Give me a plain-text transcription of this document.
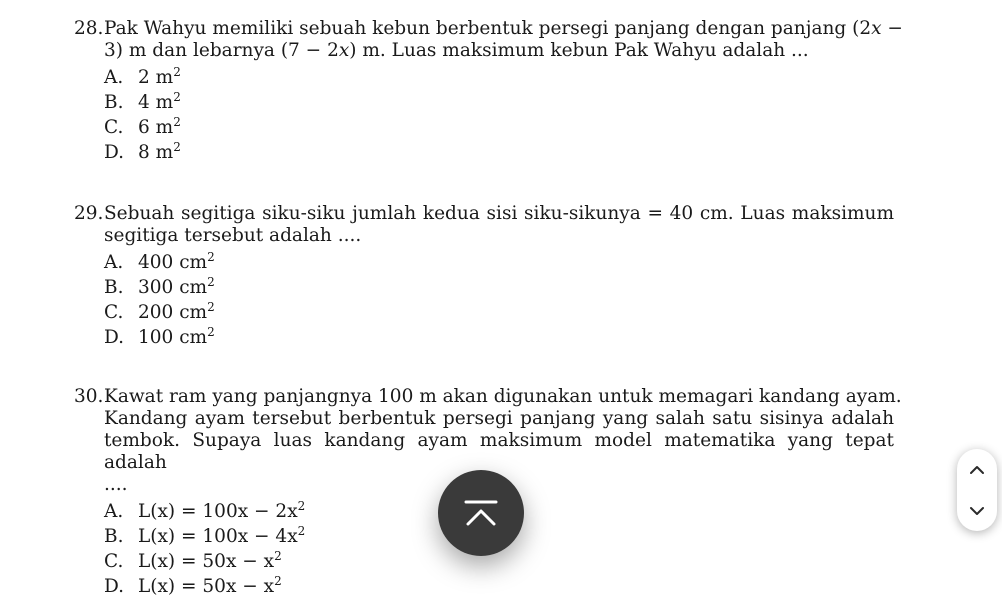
28.Pak Wahyu memiliki sebuah kebun berbentuk persegi panjang dengan panjang (2x −
3) m dan lebarnya (7 − 2x) m. Luas maksimum kebun Pak Wahyu adalah ...
A. 2 $m^2$
B. 4 $m^2$
C. 6 $m^2$
D. 8 $m^2$
29.Sebuah segitiga siku-siku jumlah kedua sisi siku-sikunya = 40 cm. Luas maksimum
segitiga tersebut adalah ....
A. 400 $cm^2$
B. 300 $cm^2$
C. 200 $cm^2$
D. 100 $cm^2$
30.Kawat ram yang panjangnya 100 m akan digunakan untuk memagari kandang ayam.
Kandang ayam tersebut berbentuk persegi panjang yang salah satu sisinya adalah
tembok. Supaya luas kandang ayam maksimum model matematika yang tepat adalah
....
A. $L(x) = 100x - 2x^2$
B. $L(x) = 100x - 4x^2$
C. $L(x) = 50x - x^2$
D. $L(x) = 50x - x^2$
